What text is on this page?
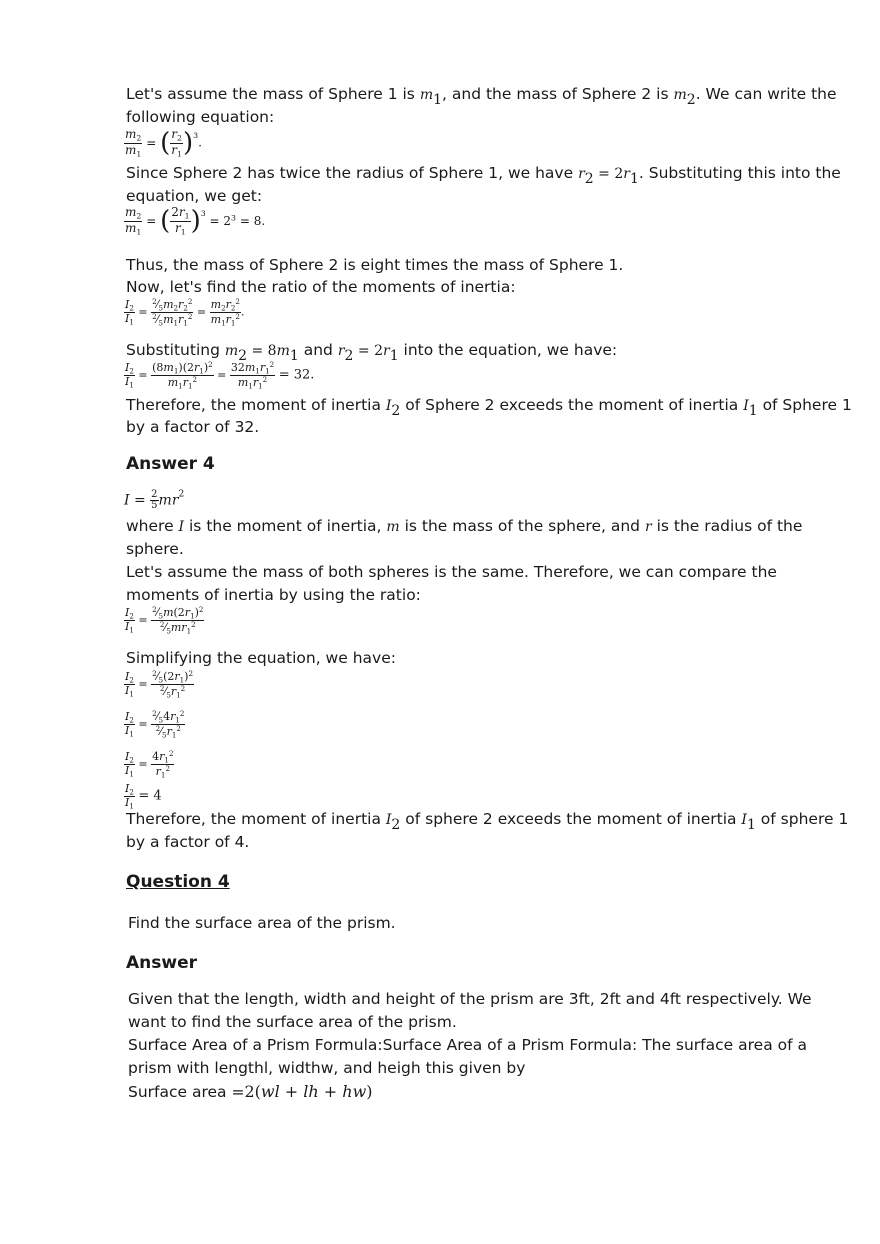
Let's assume the mass of Sphere 1 is $m_1$, and the mass of Sphere 2 is $m_2$. We can write the
following equation:
$\frac{m_2}{m_1}$ = ( $\frac{r_2}{r_1} )^3$.
Since Sphere 2 has twice the radius of Sphere 1, we have $r_2 = 2r_1$. Substituting this into the
equation, we get:
$\frac{m_2}{m_1}$ = ( $\frac{2r_1}{r_1} )^3 = 2^3 = 8$.
Thus, the mass of Sphere 2 is eight times the mass of Sphere 1.
Now, let's find the ratio of the moments of inertia:
$\frac{I_2}{I_1} = \frac{^2⁄_5m_2r_2^2}{^2⁄_5m_1r_1^2} = \frac{m_2r_2^2}{m_1r_1^2}$ .
Substituting $m_2 = 8m_1$ and $r_2 = 2r_1$ into the equation, we have:
$\frac{I_2}{I_1} = \frac{(8m_1)(2r_1)^2}{m_1r_1^2} = \frac{32m_1r_1^2}{m_1r_1^2} = 32$.
Therefore, the moment of inertia $I_2$ of Sphere 2 exceeds the moment of inertia $I_1$ of Sphere 1
by a factor of 32.
Answer 4
$I = \frac{2}{5} mr^2$
where I is the moment of inertia, m is the mass of the sphere, and r is the radius of the
sphere.
Let's assume the mass of both spheres is the same. Therefore, we can compare the
moments of inertia by using the ratio:
$\frac{I_2}{I_1} = \frac{^2⁄_5m(2r_1)^2}{^2⁄_5mr_1^2}$
Simplifying the equation, we have:
$\frac{I_2}{I_1} = \frac{^2⁄_5(2r_1)^2}{^2⁄_5r_1^2}$
$\frac{I_2}{I_1} = \frac{^2⁄_54r_1^2}{^2⁄_5r_1^2}$
$\frac{I_2}{I_1} = \frac{4r_1^2}{r_1^2}$
$\frac{I_2}{I_1} = 4$
Therefore, the moment of inertia $I_2$ of sphere 2 exceeds the moment of inertia $I_1$ of sphere 1
by a factor of 4.
Question 4
Find the surface area of the prism.
Answer
Given that the length, width and height of the prism are 3ft, 2ft and 4ft respectively. We
want to find the surface area of the prism.
Surface Area of a Prism Formula:Surface Area of a Prism Formula: The surface area of a
prism with lengthl, widthw, and heigh this given by
Surface area =2(wl + lh + hw)
